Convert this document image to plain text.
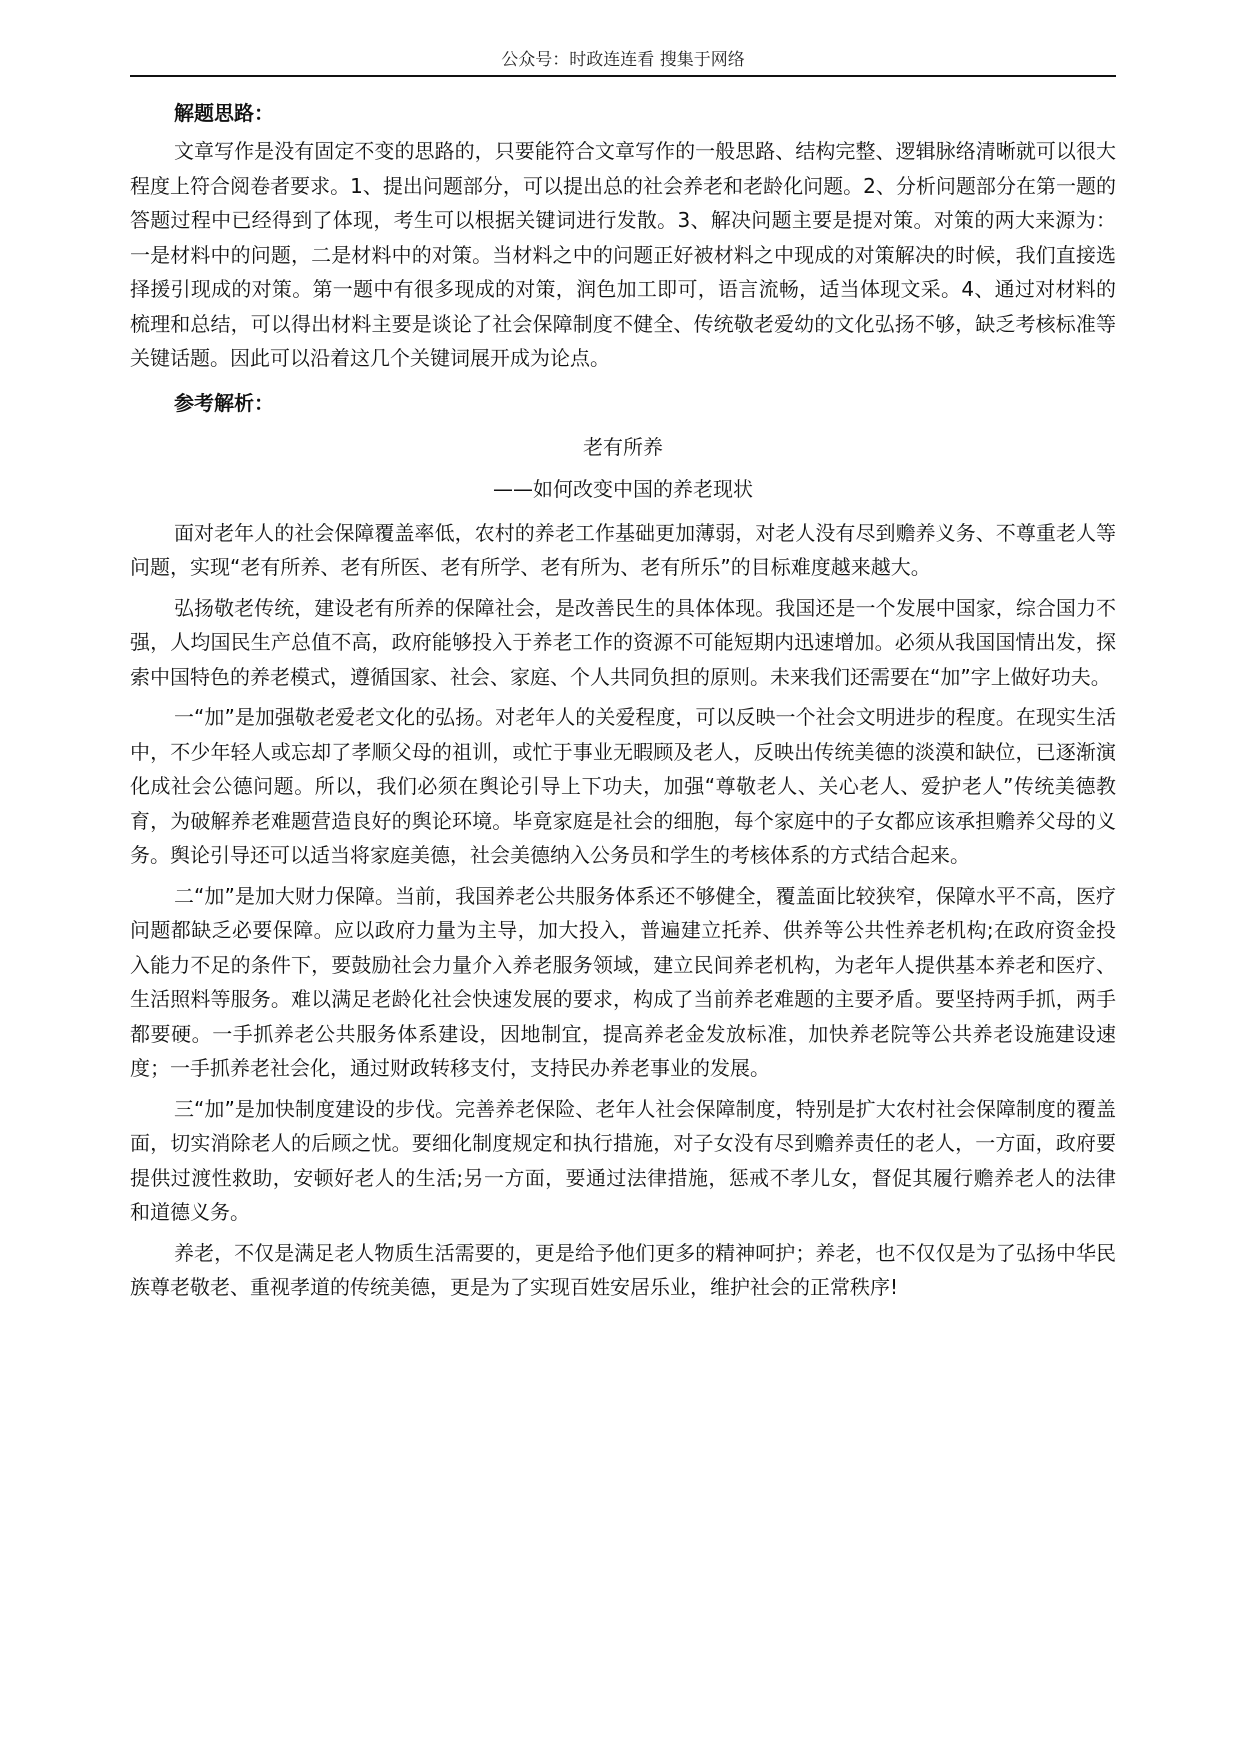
公众号：时政连连看 搜集于网络

解题思路：

文章写作是没有固定不变的思路的，只要能符合文章写作的一般思路、结构完整、逻辑脉络清晰就可以很大程度上符合阅卷者要求。1、提出问题部分，可以提出总的社会养老和老龄化问题。2、分析问题部分在第一题的答题过程中已经得到了体现，考生可以根据关键词进行发散。3、解决问题主要是提对策。对策的两大来源为：一是材料中的问题，二是材料中的对策。当材料之中的问题正好被材料之中现成的对策解决的时候，我们直接选择援引现成的对策。第一题中有很多现成的对策，润色加工即可，语言流畅，适当体现文采。4、通过对材料的梳理和总结，可以得出材料主要是谈论了社会保障制度不健全、传统敬老爱幼的文化弘扬不够，缺乏考核标准等关键话题。因此可以沿着这几个关键词展开成为论点。

参考解析：

老有所养

——如何改变中国的养老现状

面对老年人的社会保障覆盖率低，农村的养老工作基础更加薄弱，对老人没有尽到赡养义务、不尊重老人等问题，实现“老有所养、老有所医、老有所学、老有所为、老有所乐”的目标难度越来越大。

弘扬敬老传统，建设老有所养的保障社会，是改善民生的具体体现。我国还是一个发展中国家，综合国力不强，人均国民生产总值不高，政府能够投入于养老工作的资源不可能短期内迅速增加。必须从我国国情出发，探索中国特色的养老模式，遵循国家、社会、家庭、个人共同负担的原则。未来我们还需要在“加”字上做好功夫。

一“加”是加强敬老爱老文化的弘扬。对老年人的关爱程度，可以反映一个社会文明进步的程度。在现实生活中，不少年轻人或忘却了孝顺父母的祖训，或忙于事业无暇顾及老人，反映出传统美德的淡漠和缺位，已逐渐演化成社会公德问题。所以，我们必须在舆论引导上下功夫，加强“尊敬老人、关心老人、爱护老人”传统美德教育，为破解养老难题营造良好的舆论环境。毕竟家庭是社会的细胞，每个家庭中的子女都应该承担赡养父母的义务。舆论引导还可以适当将家庭美德，社会美德纳入公务员和学生的考核体系的方式结合起来。

二“加”是加大财力保障。当前，我国养老公共服务体系还不够健全，覆盖面比较狭窄，保障水平不高，医疗问题都缺乏必要保障。应以政府力量为主导，加大投入，普遍建立托养、供养等公共性养老机构;在政府资金投入能力不足的条件下，要鼓励社会力量介入养老服务领域，建立民间养老机构，为老年人提供基本养老和医疗、生活照料等服务。难以满足老龄化社会快速发展的要求，构成了当前养老难题的主要矛盾。要坚持两手抓，两手都要硬。一手抓养老公共服务体系建设，因地制宜，提高养老金发放标准，加快养老院等公共养老设施建设速度；一手抓养老社会化，通过财政转移支付，支持民办养老事业的发展。

三“加”是加快制度建设的步伐。完善养老保险、老年人社会保障制度，特别是扩大农村社会保障制度的覆盖面，切实消除老人的后顾之忧。要细化制度规定和执行措施，对子女没有尽到赡养责任的老人，一方面，政府要提供过渡性救助，安顿好老人的生活;另一方面，要通过法律措施，惩戒不孝儿女，督促其履行赡养老人的法律和道德义务。

养老，不仅是满足老人物质生活需要的，更是给予他们更多的精神呵护；养老，也不仅仅是为了弘扬中华民族尊老敬老、重视孝道的传统美德，更是为了实现百姓安居乐业，维护社会的正常秩序!
